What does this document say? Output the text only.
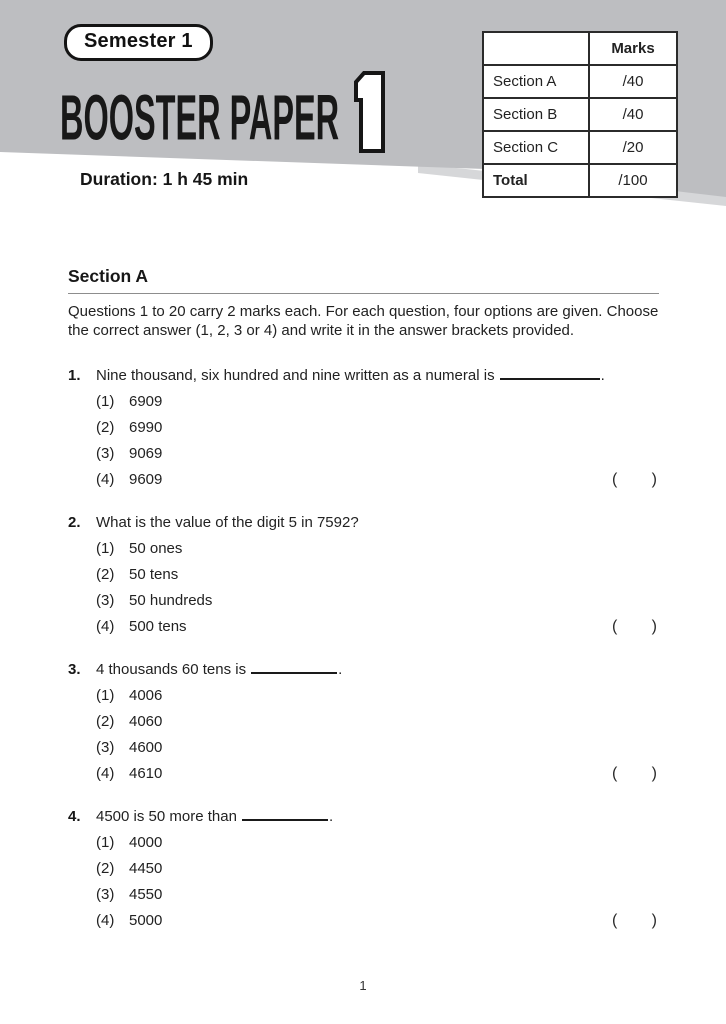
Semester 1
BOOSTER PAPER
Duration: 1 h 45 min
	Marks
Section A	/40
Section B	/40
Section C	/20
Total	/100
Section A
Questions 1 to 20 carry 2 marks each. For each question, four options are given. Choose the correct answer (1, 2, 3 or 4) and write it in the answer brackets provided.
1.	Nine thousand, six hundred and nine written as a numeral is	.
(1) 6909
(2) 6990
(3) 9069
(4) 9609	( )
2.	What is the value of the digit 5 in 7592?
(1) 50 ones
(2) 50 tens
(3) 50 hundreds
(4) 500 tens	( )
3.	4 thousands 60 tens is	.
(1) 4006
(2) 4060
(3) 4600
(4) 4610	( )
4.	4500 is 50 more than	.
(1) 4000
(2) 4450
(3) 4550
(4) 5000	( )
1
